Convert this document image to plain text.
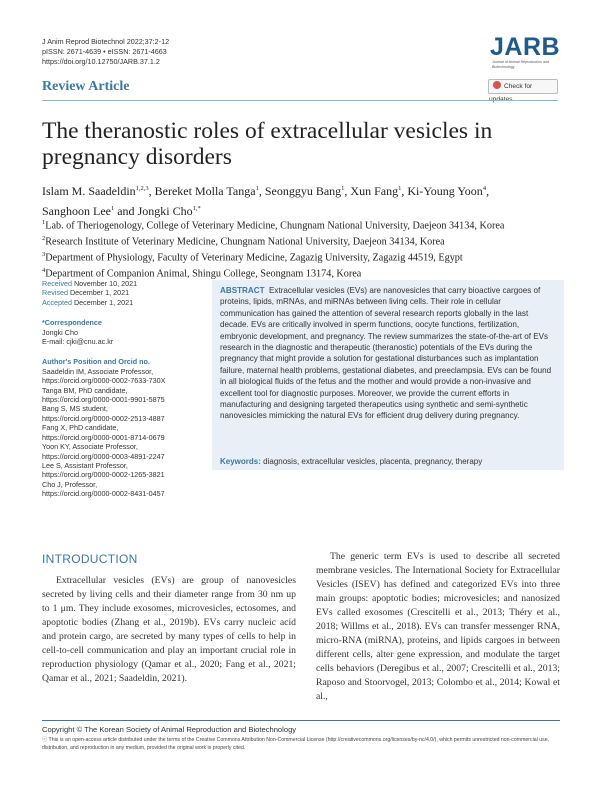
J Anim Reprod Biotechnol 2022;37:2-12
pISSN: 2671-4639 • eISSN: 2671-4663
https://doi.org/10.12750/JARB.37.1.2
JARB
Journal of Animal Reproduction and Biotechnology
Check for
Review Article
The theranostic roles of extracellular vesicles in pregnancy disorders
Islam M. Saadeldin$^{1,2,3}$, Bereket Molla Tanga$^1$, Seonggyu Bang$^1$, Xun Fang$^1$, Ki-Young Yoon$^4$,
Sanghoon Lee$^1$ and Jongki Cho$^{1,*}$
$^1$Lab. of Theriogenology, College of Veterinary Medicine, Chungnam National University, Daejeon 34134, Korea
$^2$Research Institute of Veterinary Medicine, Chungnam National University, Daejeon 34134, Korea
$^3$Department of Physiology, Faculty of Veterinary Medicine, Zagazig University, Zagazig 44519, Egypt
$^4$Department of Companion Animal, Shingu College, Seongnam 13174, Korea
Received November 10, 2021
Revised December 1, 2021
Accepted December 1, 2021
*Correspondence
Jongki Cho
E-mail: cjki@cnu.ac.kr
Author's Position and Orcid no.
Saadeldin IM, Associate Professor,
https://orcid.org/0000-0002-7633-730X
Tanga BM, PhD candidate,
https://orcid.org/0000-0001-9901-5875
Bang S, MS student,
https://orcid.org/0000-0002-2513-4887
Fang X, PhD candidate,
https://orcid.org/0000-0001-8714-0679
Yoon KY, Associate Professor,
https://orcid.org/0000-0003-4891-2247
Lee S, Assistant Professor,
https://orcid.org/0000-0002-1265-3821
Cho J, Professor,
https://orcid.org/0000-0002-8431-0457
ABSTRACT Extracellular vesicles (EVs) are nanovesicles that carry bioactive cargoes of proteins, lipids, mRNAs, and miRNAs between living cells. Their role in cellular communication has gained the attention of several research reports globally in the last decade. EVs are critically involved in sperm functions, oocyte functions, fertilization, embryonic development, and pregnancy. The review summarizes the state-of-the-art of EVs research in the diagnostic and therapeutic (theranostic) potentials of the EVs during the pregnancy that might provide a solution for gestational disturbances such as implantation failure, maternal health problems, gestational diabetes, and preeclampsia. EVs can be found in all biological fluids of the fetus and the mother and would provide a non-invasive and excellent tool for diagnostic purposes. Moreover, we provide the current efforts in manufacturing and designing targeted therapeutics using synthetic and semi-synthetic nanovesicles mimicking the natural EVs for efficient drug delivery during pregnancy.
Keywords: diagnosis, extracellular vesicles, placenta, pregnancy, therapy
INTRODUCTION
Extracellular vesicles (EVs) are group of nanovesicles secreted by living cells and their diameter range from 30 nm up to 1 μm. They include exosomes, microvesicles, ectosomes, and apoptotic bodies (Zhang et al., 2019b). EVs carry nucleic acid and protein cargo, are secreted by many types of cells to help in cell-to-cell communication and play an important crucial role in reproduction physiology (Qamar et al., 2020; Fang et al., 2021; Qamar et al., 2021; Saadeldin, 2021).
The generic term EVs is used to describe all secreted membrane vesicles. The International Society for Extracellular Vesicles (ISEV) has defined and categorized EVs into three main groups: apoptotic bodies; microvesicles; and nanosized EVs called exosomes (Crescitelli et al., 2013; Théry et al., 2018; Willms et al., 2018). EVs can transfer messenger RNA, micro-RNA (miRNA), proteins, and lipids cargoes in between different cells, alter gene expression, and modulate the target cells behaviors (Deregibus et al., 2007; Crescitelli et al., 2013; Raposo and Stoorvogel, 2013; Colombo et al., 2014; Kowal et al.,
Copyright © The Korean Society of Animal Reproduction and Biotechnology
ⓒ This is an open-access article distributed under the terms of the Creative Commons Attribution Non-Commercial License (http://creativecommons.org/licenses/by-nc/4.0/), which permits unrestricted non-commercial use, distribution, and reproduction in any medium, provided the original work is properly cited.
